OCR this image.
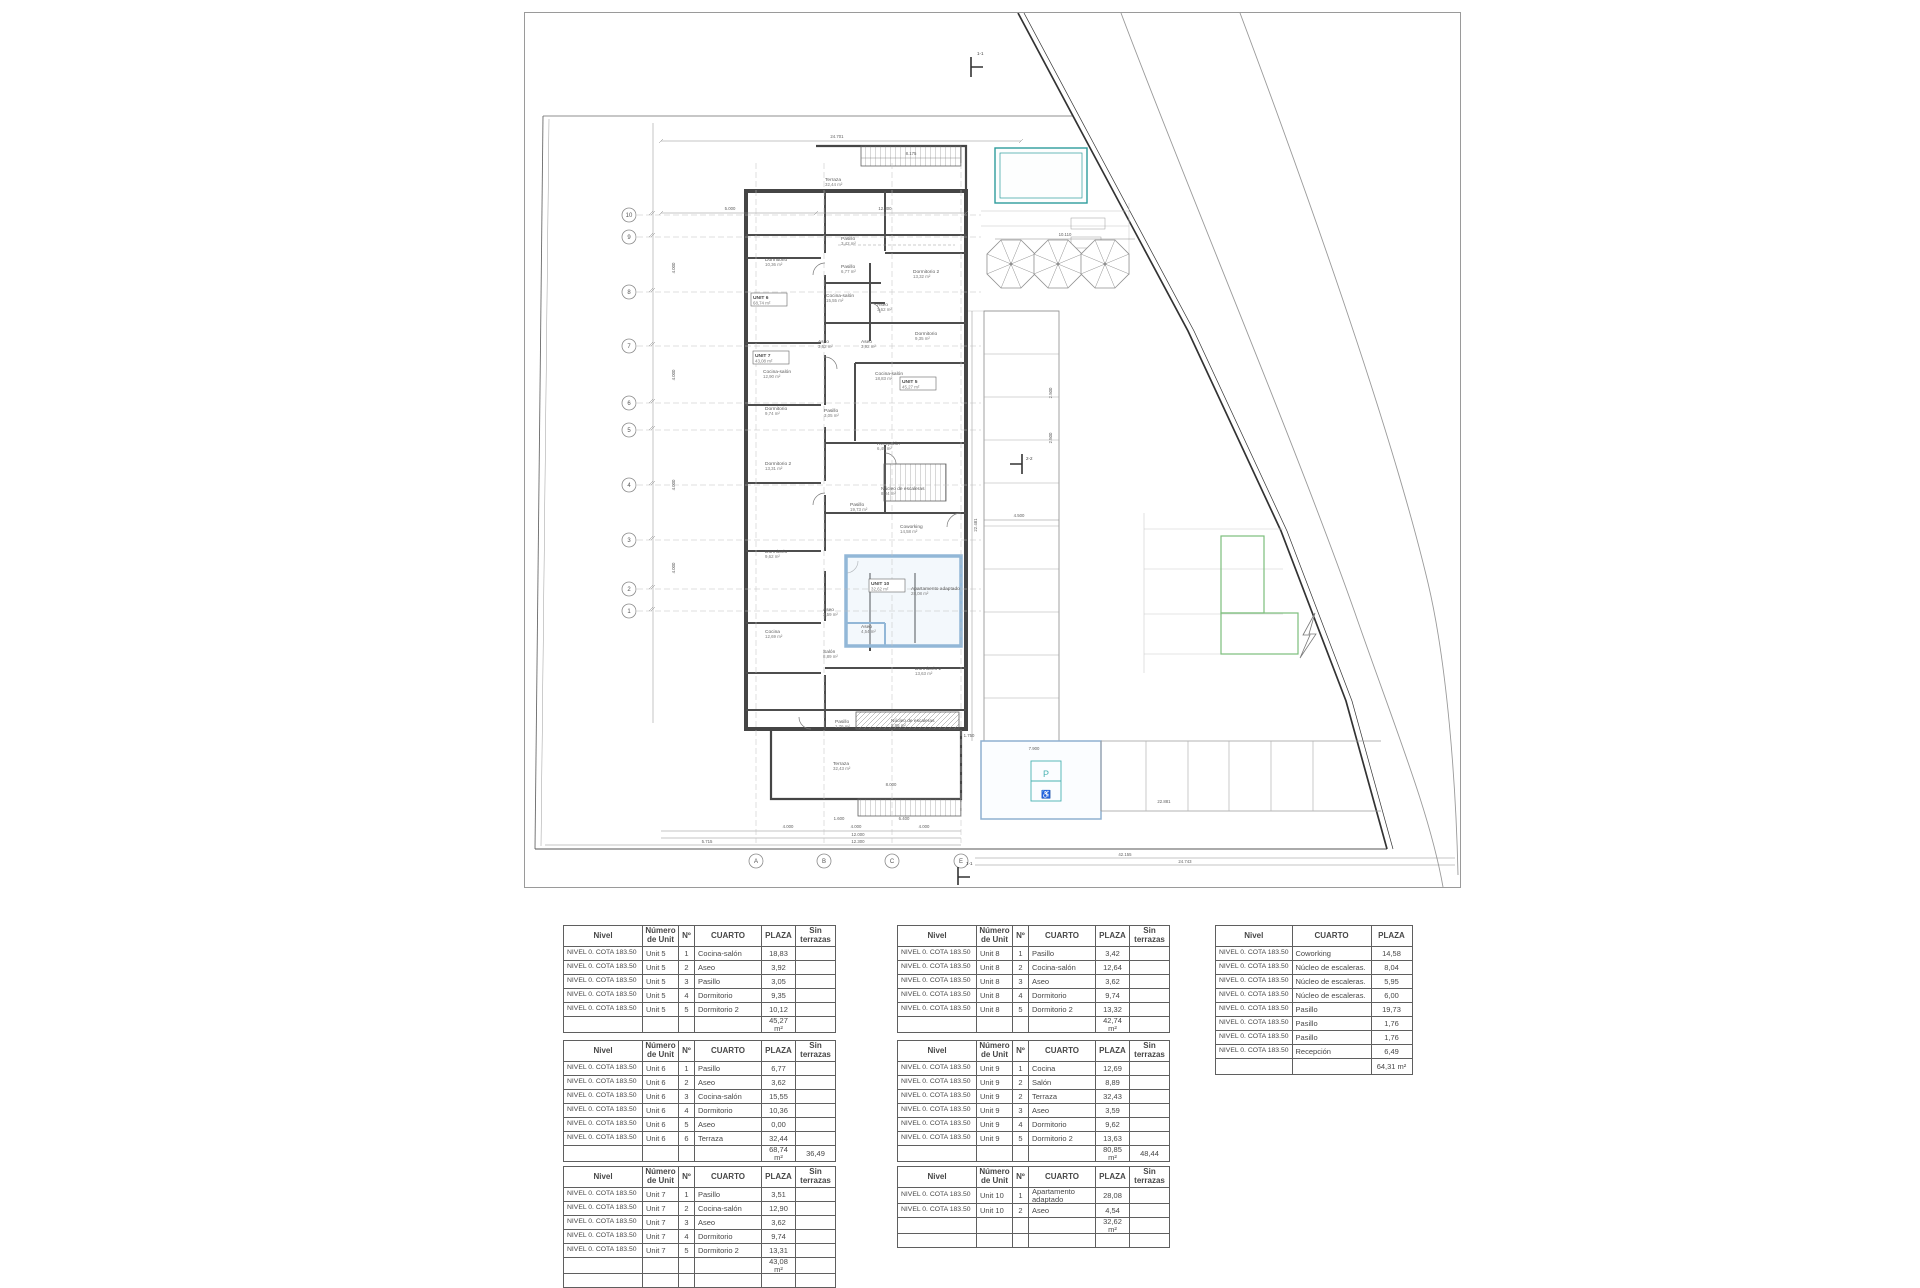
P
♿
10
9
8
7
6
5
4
3
2
1
A	B	C	E
Terraza
32,44 m²
Pasillo
3,42 m²
Dormitorio
10,36 m²
Pasillo
6,77 m²	Dormitorio 2
13,32 m²
UNIT 6
68,74 m²
Cocina-salón
15,55 m²
Aseo
3,62 m²
Dormitorio
9,35 m²
UNIT 7
43,08 m²
Aseo
3,62 m²
Aseo
3,92 m²
Cocina-salón
12,90 m²	Cocina-salón
18,83 m²
UNIT 5
45,27 m²
Dormitorio
9,74 m²	Pasillo
3,05 m²
Dormitorio 2
13,31 m²
Recepción
6,49 m²
Núcleo de escaleras
8,04 m²
Pasillo
19,73 m²
Coworking
14,58 m²
Dormitorio
9,62 m²
UNIT 10
32,62 m²	Apartamento adaptado
28,08 m²
Aseo
3,59 m²
Aseo
4,54 m²
Cocina
12,69 m²
Salón
8,89 m²
Dormitorio 2
13,63 m²
Pasillo
1,76 m²
Núcleo de escaleras
5,95 m²
Terraza
32,43 m²
24.701
5.000	12.300
8.175
10.110
5.715
4.000	4.000	4.000
12.000
12.300
42.155
24.743
22.881
22.481
4.500
7.900
2.500
2.500
8.000
6.400
1.600
1.750
4.000
4.000
4.000
4.000
1-1
1-1
2-2
Nivel	Número de Unit	Nº	CUARTO	PLAZA	Sin terrazas
NIVEL 0. COTA 183.50	Unit 5	1	Cocina-salón	18,83	
NIVEL 0. COTA 183.50	Unit 5	2	Aseo	3,92	
NIVEL 0. COTA 183.50	Unit 5	3	Pasillo	3,05	
NIVEL 0. COTA 183.50	Unit 5	4	Dormitorio	9,35	
NIVEL 0. COTA 183.50	Unit 5	5	Dormitorio 2	10,12	
				45,27 m²	
Nivel	Número de Unit	Nº	CUARTO	PLAZA	Sin terrazas
NIVEL 0. COTA 183.50	Unit 6	1	Pasillo	6,77	
NIVEL 0. COTA 183.50	Unit 6	2	Aseo	3,62	
NIVEL 0. COTA 183.50	Unit 6	3	Cocina-salón	15,55	
NIVEL 0. COTA 183.50	Unit 6	4	Dormitorio	10,36	
NIVEL 0. COTA 183.50	Unit 6	5	Aseo	0,00	
NIVEL 0. COTA 183.50	Unit 6	6	Terraza	32,44	
				68,74 m²	36,49
Nivel	Número de Unit	Nº	CUARTO	PLAZA	Sin terrazas
NIVEL 0. COTA 183.50	Unit 7	1	Pasillo	3,51	
NIVEL 0. COTA 183.50	Unit 7	2	Cocina-salón	12,90	
NIVEL 0. COTA 183.50	Unit 7	3	Aseo	3,62	
NIVEL 0. COTA 183.50	Unit 7	4	Dormitorio	9,74	
NIVEL 0. COTA 183.50	Unit 7	5	Dormitorio 2	13,31	
				43,08 m²	

Nivel	Número de Unit	Nº	CUARTO	PLAZA	Sin terrazas
NIVEL 0. COTA 183.50	Unit 8	1	Pasillo	3,42	
NIVEL 0. COTA 183.50	Unit 8	2	Cocina-salón	12,64	
NIVEL 0. COTA 183.50	Unit 8	3	Aseo	3,62	
NIVEL 0. COTA 183.50	Unit 8	4	Dormitorio	9,74	
NIVEL 0. COTA 183.50	Unit 8	5	Dormitorio 2	13,32	
				42,74 m²	
Nivel	Número de Unit	Nº	CUARTO	PLAZA	Sin terrazas
NIVEL 0. COTA 183.50	Unit 9	1	Cocina	12,69	
NIVEL 0. COTA 183.50	Unit 9	2	Salón	8,89	
NIVEL 0. COTA 183.50	Unit 9	2	Terraza	32,43	
NIVEL 0. COTA 183.50	Unit 9	3	Aseo	3,59	
NIVEL 0. COTA 183.50	Unit 9	4	Dormitorio	9,62	
NIVEL 0. COTA 183.50	Unit 9	5	Dormitorio 2	13,63	
				80,85 m²	48,44
Nivel	Número de Unit	Nº	CUARTO	PLAZA	Sin terrazas
NIVEL 0. COTA 183.50	Unit 10	1	Apartamento adaptado	28,08	
NIVEL 0. COTA 183.50	Unit 10	2	Aseo	4,54	
				32,62 m²	

Nivel	CUARTO	PLAZA
NIVEL 0. COTA 183.50	Coworking	14,58
NIVEL 0. COTA 183.50	Núcleo de escaleras.	8,04
NIVEL 0. COTA 183.50	Núcleo de escaleras.	5,95
NIVEL 0. COTA 183.50	Núcleo de escaleras.	6,00
NIVEL 0. COTA 183.50	Pasillo	19,73
NIVEL 0. COTA 183.50	Pasillo	1,76
NIVEL 0. COTA 183.50	Pasillo	1,76
NIVEL 0. COTA 183.50	Recepción	6,49
		64,31 m²
